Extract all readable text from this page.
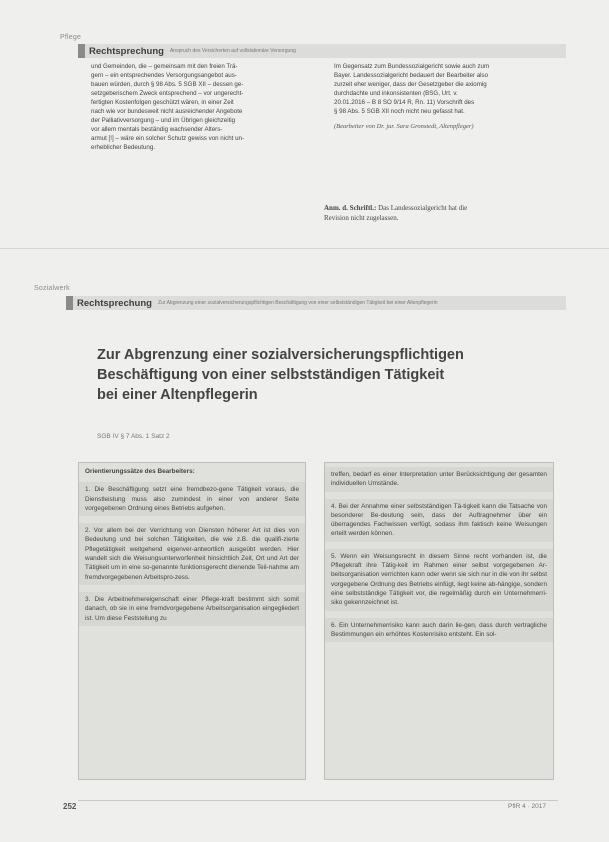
Pflege
Rechtsprechung Anspruch des Versicherten auf vollstationäre Versorgung

und Gemeinden, die – gemeinsam mit den freien Trä-

gern – ein entsprechendes Versorgungsangebot aus-

bauen würden, durch § 98 Abs. 5 SGB XII – dessen ge-

setzgeberischem Zweck entsprechend – vor ungerecht-

fertigten Kostenfolgen geschützt wären, in einer Zeit

nach wie vor bundesweit nicht ausreichender Angebote

der Palliativversorgung – und im Übrigen gleichzeitig

vor allem mentals beständig wachsender Alters-

armut [!] – wäre ein solcher Schutz gewiss von nicht un-

erheblicher Bedeutung.

Im Gegensatz zum Bundessozialgericht sowie auch zum

Bayer. Landessozialgericht bedauert der Bearbeiter also

zurzeit eher weniger, dass der Gesetzgeber die axiomig

durchdachte und inkonsistenten (BSG, Urt. v.

20.01.2016 – B 8 SO 9/14 R, Rn. 11) Vorschrift des

§ 98 Abs. 5 SGB XII noch nicht neu gefasst hat.

(Bearbeiter von Dr. jur. Sara Gronstedt, Altenpfleger)
Anm. d. Schriftl.: Das Landessozialgericht hat die
Revision nicht zugelassen.
Sozialwerk
Rechtsprechung Zur Abgrenzung einer sozialversicherungspflichtigen Beschäftigung von einer selbstständigen Tätigkeit bei einer Altenpflegerin
Zur Abgrenzung einer sozialversicherungspflichtigen
Beschäftigung von einer selbstständigen Tätigkeit
bei einer Altenpflegerin
SGB IV § 7 Abs. 1 Satz 2
Orientierungssätze des Bearbeiters:
1. Die Beschäftigung setzt eine fremdbezo-gene Tätigkeit voraus, die Dienstleistung muss also zumindest in einer von anderer Seite vorgegebenen Ordnung eines Betriebs aufgehen.
2. Vor allem bei der Verrichtung von Diensten höherer Art ist dies von Bedeutung und bei solchen Tätigkeiten, die wie z.B. die qualifi-zierte Pflegetätigkeit weitgehend eigenver-antwortlich ausgeübt werden. Hier wandelt sich die Weisungsunterworfenheit hinsichtlich Zeit, Ort und Art der Tätigkeit um in eine so-genannte funktionsgerecht dienende Teil-nahme am fremdvorgegebenen Arbeitspro-zess.
3. Die Arbeitnehmereigenschaft einer Pflege-kraft bestimmt sich somit danach, ob sie in eine fremdvorgegebene Arbeitsorganisation eingegliedert ist. Um diese Feststellung zu
treffen, bedarf es einer Interpretation unter Berücksichtigung der gesamten individuellen Umstände.
4. Bei der Annahme einer selbstständigen Tä-tigkeit kann die Tatsache von besonderer Be-deutung sein, dass der Auftragnehmer über ein überragendes Fachwissen verfügt, sodass ihm faktisch keine Weisungen erteilt werden können.
5. Wenn ein Weisungsrecht in diesem Sinne recht vorhanden ist, die Pflegekraft ihre Tätig-keit im Rahmen einer selbst vorgegebenen Ar-beitsorganisation verrichten kann oder wenn sie sich nur in die von ihr selbst vorgegebene Ordnung des Betriebs einfügt, liegt keine ab-hängige, sondern eine selbstständige Tätigkeit vor, die regelmäßig durch ein Unternehmerri-siko gekennzeichnet ist.
6. Ein Unternehmerrisiko kann auch darin lie-gen, dass durch vertragliche Bestimmungen ein erhöhtes Kostenrisiko entsteht. Ein sol-
252	PflR 4 · 2017
